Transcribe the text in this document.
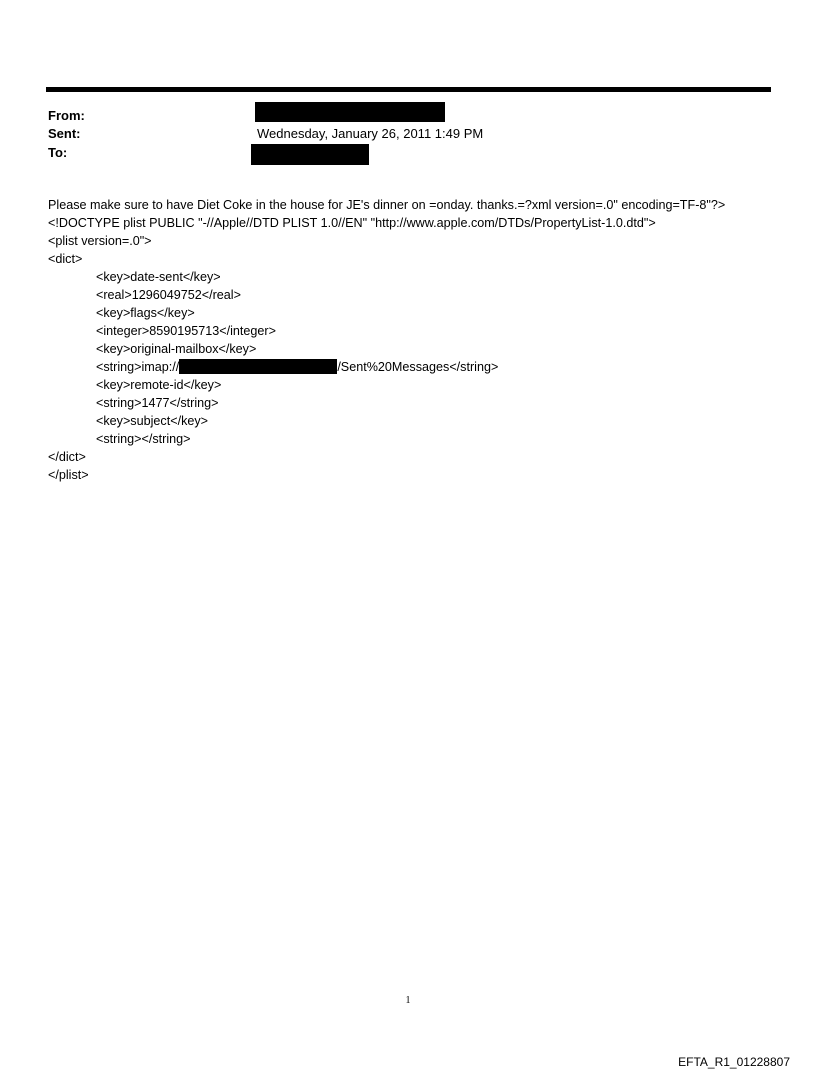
From:
Sent:	Wednesday, January 26, 2011 1:49 PM
To:
Please make sure to have Diet Coke in the house for JE's dinner on =onday. thanks.=?xml version=.0" encoding=TF-8"?>
<!DOCTYPE plist PUBLIC "-//Apple//DTD PLIST 1.0//EN" "http://www.apple.com/DTDs/PropertyList-1.0.dtd">
<plist version=.0">
<dict>
<key>date-sent</key>
<real>1296049752</real>
<key>flags</key>
<integer>8590195713</integer>
<key>original-mailbox</key>
<string>imap://	/Sent%20Messages</string>
<key>remote-id</key>
<string>1477</string>
<key>subject</key>
<string></string>
</dict>
</plist>
1
EFTA_R1_01228807
